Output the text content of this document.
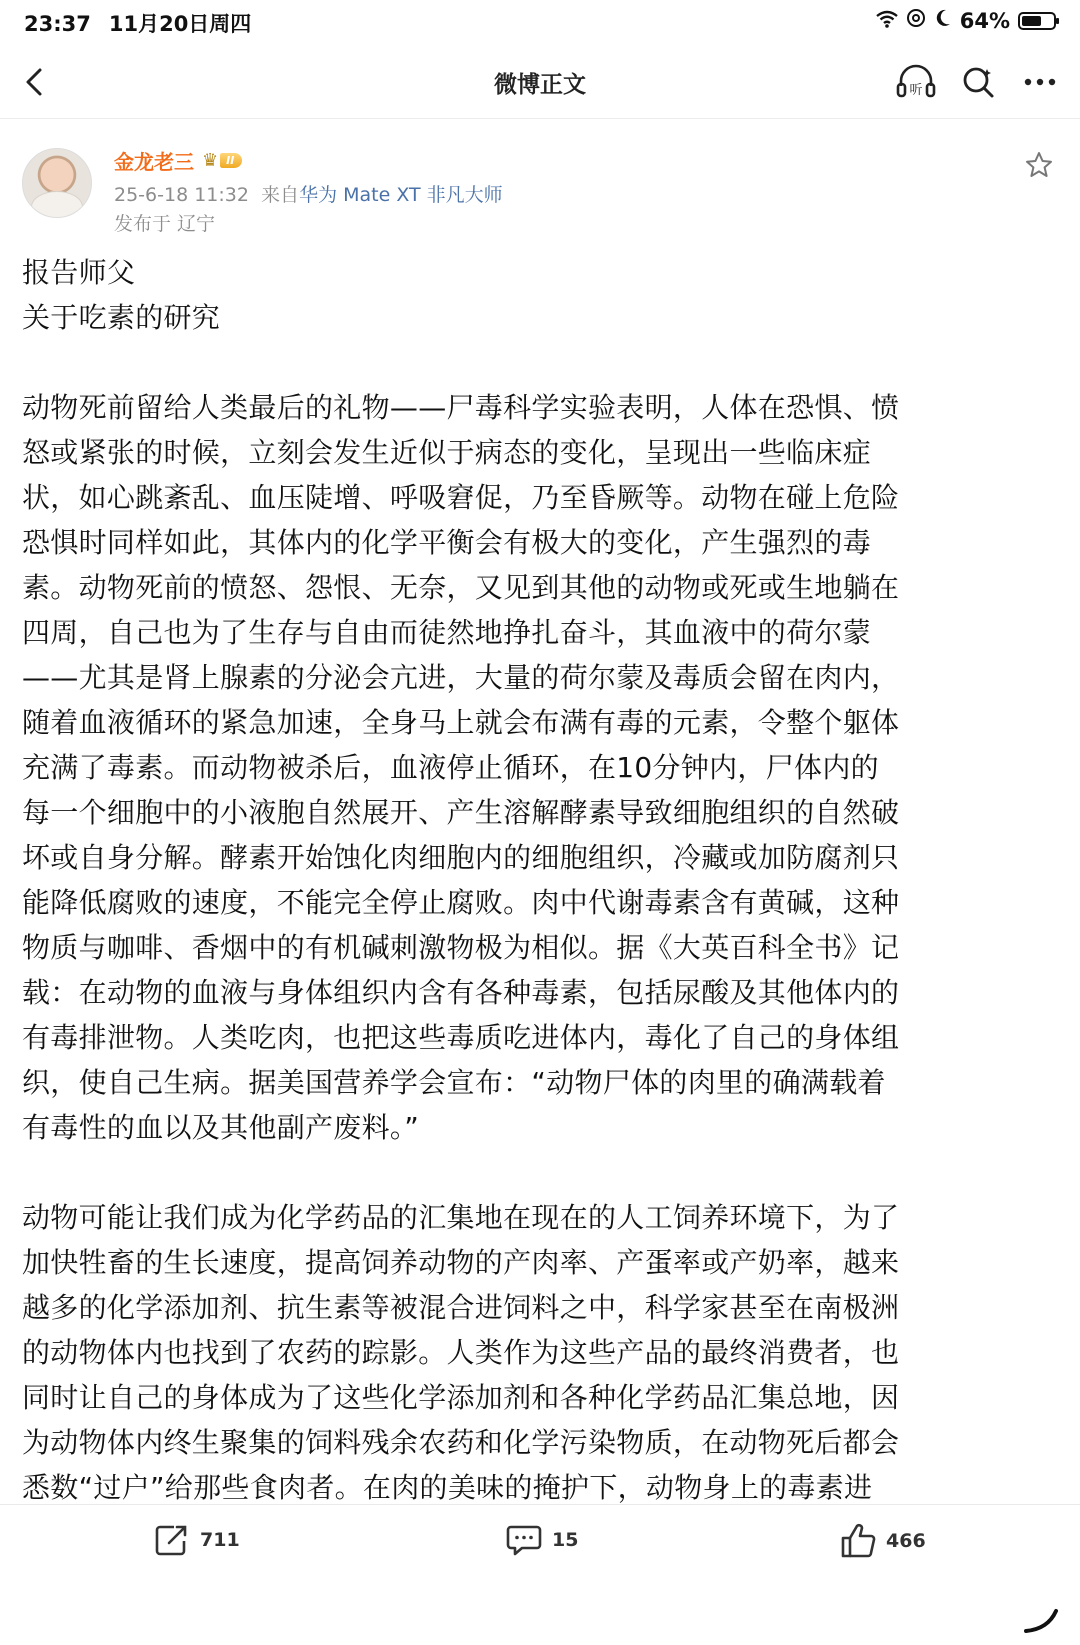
23:37 11月20日周四	64%
微博正文	听
金龙老三 ♛ II
25-6-18 11:32 来自华为 Mate XT 非凡大师
发布于 辽宁

报告师父

关于吃素的研究

动物死前留给人类最后的礼物——尸毒科学实验表明，人体在恐惧、愤

怒或紧张的时候，立刻会发生近似于病态的变化，呈现出一些临床症

状，如心跳紊乱、血压陡增、呼吸窘促，乃至昏厥等。动物在碰上危险

恐惧时同样如此，其体内的化学平衡会有极大的变化，产生强烈的毒

素。动物死前的愤怒、怨恨、无奈，又见到其他的动物或死或生地躺在

四周，自己也为了生存与自由而徒然地挣扎奋斗，其血液中的荷尔蒙

——尤其是肾上腺素的分泌会亢进，大量的荷尔蒙及毒质会留在肉内，

随着血液循环的紧急加速，全身马上就会布满有毒的元素，令整个躯体

充满了毒素。而动物被杀后，血液停止循环，在10分钟内，尸体内的

每一个细胞中的小液胞自然展开、产生溶解酵素导致细胞组织的自然破

坏或自身分解。酵素开始蚀化肉细胞内的细胞组织，冷藏或加防腐剂只

能降低腐败的速度，不能完全停止腐败。肉中代谢毒素含有黄碱，这种

物质与咖啡、香烟中的有机碱刺激物极为相似。据《大英百科全书》记

载：在动物的血液与身体组织内含有各种毒素，包括尿酸及其他体内的

有毒排泄物。人类吃肉，也把这些毒质吃进体内，毒化了自己的身体组

织，使自己生病。据美国营养学会宣布：“动物尸体的肉里的确满载着

有毒性的血以及其他副产废料。”

动物可能让我们成为化学药品的汇集地在现在的人工饲养环境下，为了

加快牲畜的生长速度，提高饲养动物的产肉率、产蛋率或产奶率，越来

越多的化学添加剂、抗生素等被混合进饲料之中，科学家甚至在南极洲

的动物体内也找到了农药的踪影。人类作为这些产品的最终消费者，也

同时让自己的身体成为了这些化学添加剂和各种化学药品汇集总地，因

为动物体内终生聚集的饲料残余农药和化学污染物质，在动物死后都会

悉数“过户”给那些食肉者。在肉的美味的掩护下，动物身上的毒素进

711	15	466
